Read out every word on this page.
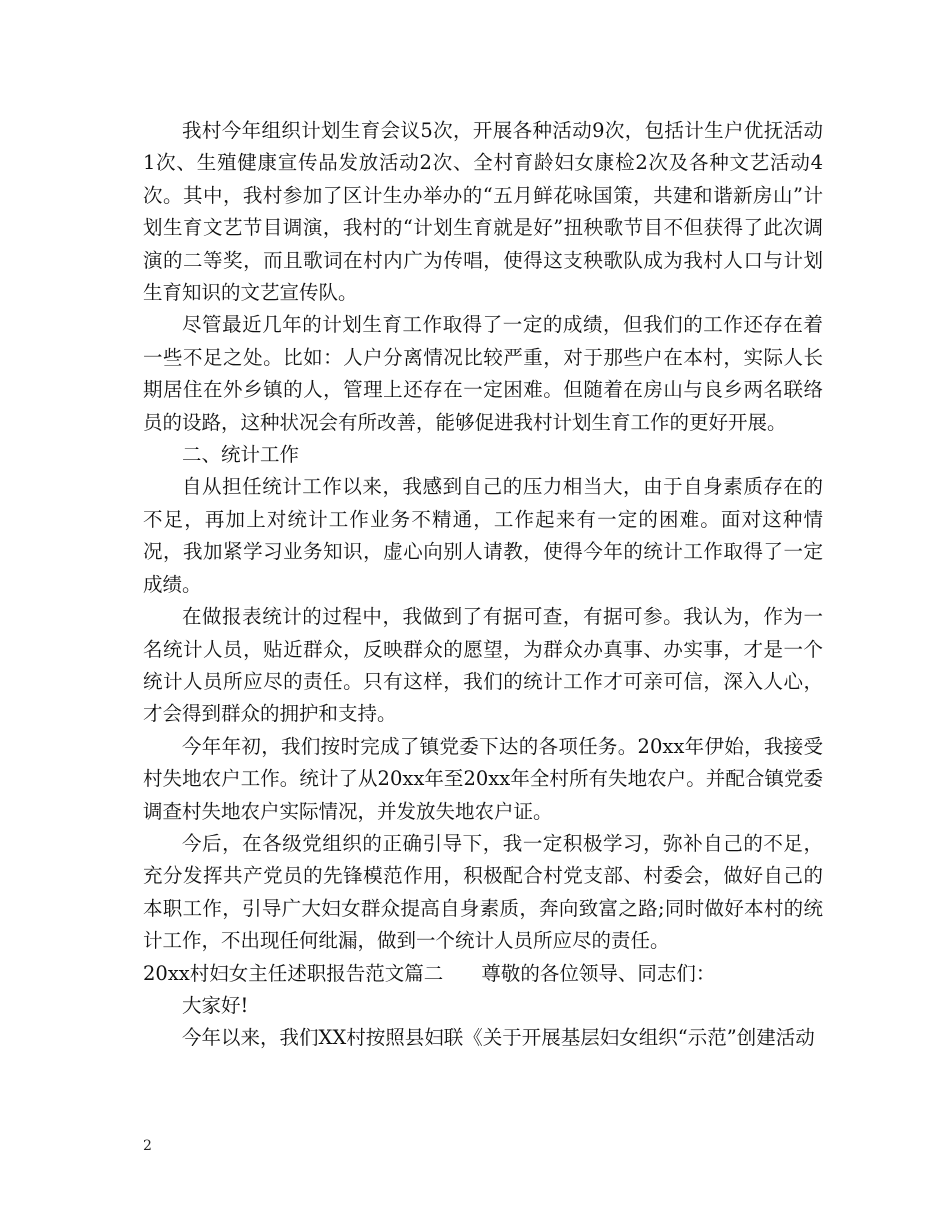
我村今年组织计划生育会议5次，开展各种活动9次，包括计生户优抚活动1次、生殖健康宣传品发放活动2次、全村育龄妇女康检2次及各种文艺活动4次。其中，我村参加了区计生办举办的“五月鲜花咏国策，共建和谐新房山”计划生育文艺节目调演，我村的“计划生育就是好”扭秧歌节目不但获得了此次调演的二等奖，而且歌词在村内广为传唱，使得这支秧歌队成为我村人口与计划生育知识的文艺宣传队。

尽管最近几年的计划生育工作取得了一定的成绩，但我们的工作还存在着一些不足之处。比如：人户分离情况比较严重，对于那些户在本村，实际人长期居住在外乡镇的人，管理上还存在一定困难。但随着在房山与良乡两名联络员的设路，这种状况会有所改善，能够促进我村计划生育工作的更好开展。

二、统计工作

自从担任统计工作以来，我感到自己的压力相当大，由于自身素质存在的不足，再加上对统计工作业务不精通，工作起来有一定的困难。面对这种情况，我加紧学习业务知识，虚心向别人请教，使得今年的统计工作取得了一定成绩。

在做报表统计的过程中，我做到了有据可查，有据可参。我认为，作为一名统计人员，贴近群众，反映群众的愿望，为群众办真事、办实事，才是一个统计人员所应尽的责任。只有这样，我们的统计工作才可亲可信，深入人心，才会得到群众的拥护和支持。

今年年初，我们按时完成了镇党委下达的各项任务。20xx年伊始，我接受村失地农户工作。统计了从20xx年至20xx年全村所有失地农户。并配合镇党委调查村失地农户实际情况，并发放失地农户证。

今后，在各级党组织的正确引导下，我一定积极学习，弥补自己的不足，充分发挥共产党员的先锋模范作用，积极配合村党支部、村委会，做好自己的本职工作，引导广大妇女群众提高自身素质，奔向致富之路;同时做好本村的统计工作，不出现任何纰漏，做到一个统计人员所应尽的责任。

20xx村妇女主任述职报告范文篇二 尊敬的各位领导、同志们：

大家好!

今年以来，我们XX村按照县妇联《关于开展基层妇女组织“示范”创建活动

2
